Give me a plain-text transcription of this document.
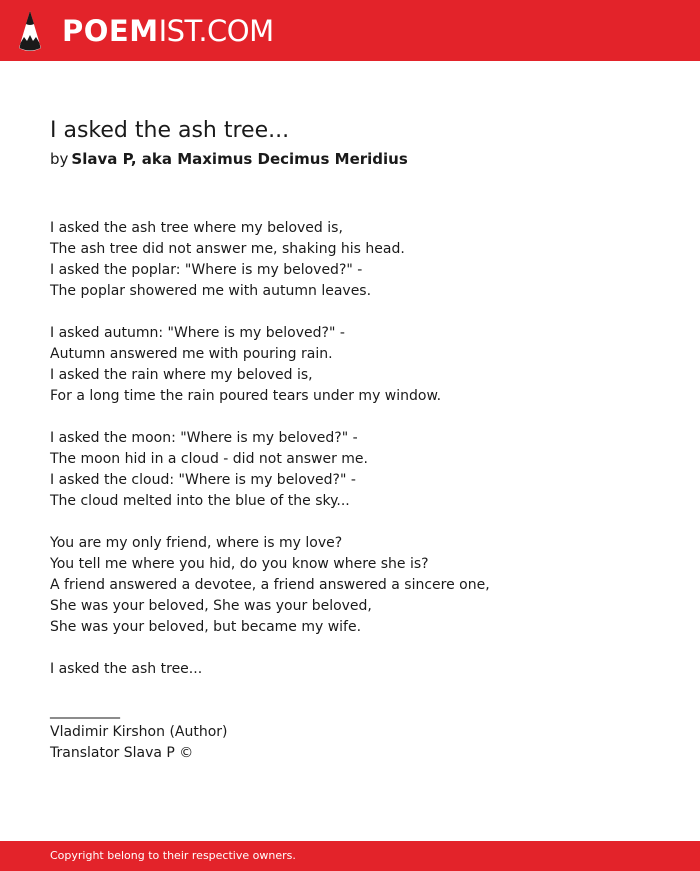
POEMIST.COM
I asked the ash tree...
by Slava P, aka Maximus Decimus Meridius
I asked the ash tree where my beloved is,
The ash tree did not answer me, shaking his head.
I asked the poplar: "Where is my beloved?" -
The poplar showered me with autumn leaves.
I asked autumn: "Where is my beloved?" -
Autumn answered me with pouring rain.
I asked the rain where my beloved is,
For a long time the rain poured tears under my window.
I asked the moon: "Where is my beloved?" -
The moon hid in a cloud - did not answer me.
I asked the cloud: "Where is my beloved?" -
The cloud melted into the blue of the sky...
You are my only friend, where is my love?
You tell me where you hid, do you know where she is?
A friend answered a devotee, a friend answered a sincere one,
She was your beloved, She was your beloved,
She was your beloved, but became my wife.
I asked the ash tree...
__________
Vladimir Kirshon (Author)
Translator Slava P ©
Copyright belong to their respective owners.
